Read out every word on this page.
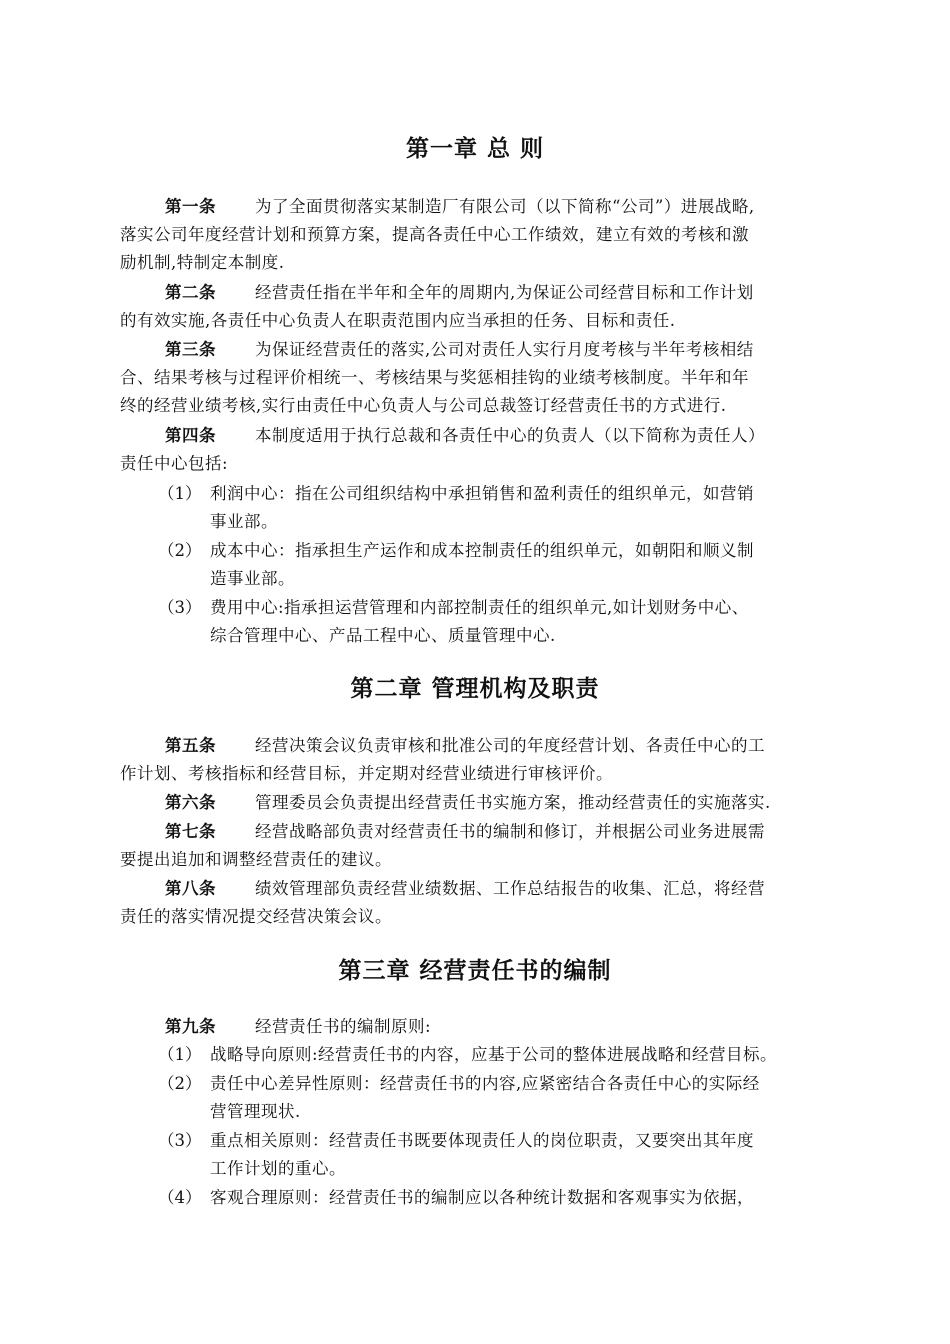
第一章 总 则
第一条 为了全面贯彻落实某制造厂有限公司（以下简称“公司”）进展战略,
落实公司年度经营计划和预算方案，提高各责任中心工作绩效，建立有效的考核和激
励机制,特制定本制度.
第二条 经营责任指在半年和全年的周期内,为保证公司经营目标和工作计划
的有效实施,各责任中心负责人在职责范围内应当承担的任务、目标和责任.
第三条 为保证经营责任的落实,公司对责任人实行月度考核与半年考核相结
合、结果考核与过程评价相统一、考核结果与奖惩相挂钩的业绩考核制度。半年和年
终的经营业绩考核,实行由责任中心负责人与公司总裁签订经营责任书的方式进行.
第四条 本制度适用于执行总裁和各责任中心的负责人（以下简称为责任人）
责任中心包括:
（1） 利润中心：指在公司组织结构中承担销售和盈利责任的组织单元，如营销
事业部。
（2） 成本中心：指承担生产运作和成本控制责任的组织单元，如朝阳和顺义制
造事业部。
（3） 费用中心:指承担运营管理和内部控制责任的组织单元,如计划财务中心、
综合管理中心、产品工程中心、质量管理中心.
第二章 管理机构及职责
第五条 经营决策会议负责审核和批准公司的年度经营计划、各责任中心的工
作计划、考核指标和经营目标，并定期对经营业绩进行审核评价。
第六条 管理委员会负责提出经营责任书实施方案，推动经营责任的实施落实.
第七条 经营战略部负责对经营责任书的编制和修订，并根据公司业务进展需
要提出追加和调整经营责任的建议。
第八条 绩效管理部负责经营业绩数据、工作总结报告的收集、汇总，将经营
责任的落实情况提交经营决策会议。
第三章 经营责任书的编制
第九条 经营责任书的编制原则:
（1） 战略导向原则:经营责任书的内容，应基于公司的整体进展战略和经营目标。
（2） 责任中心差异性原则：经营责任书的内容,应紧密结合各责任中心的实际经
营管理现状.
（3） 重点相关原则：经营责任书既要体现责任人的岗位职责，又要突出其年度
工作计划的重心。
（4） 客观合理原则：经营责任书的编制应以各种统计数据和客观事实为依据，
